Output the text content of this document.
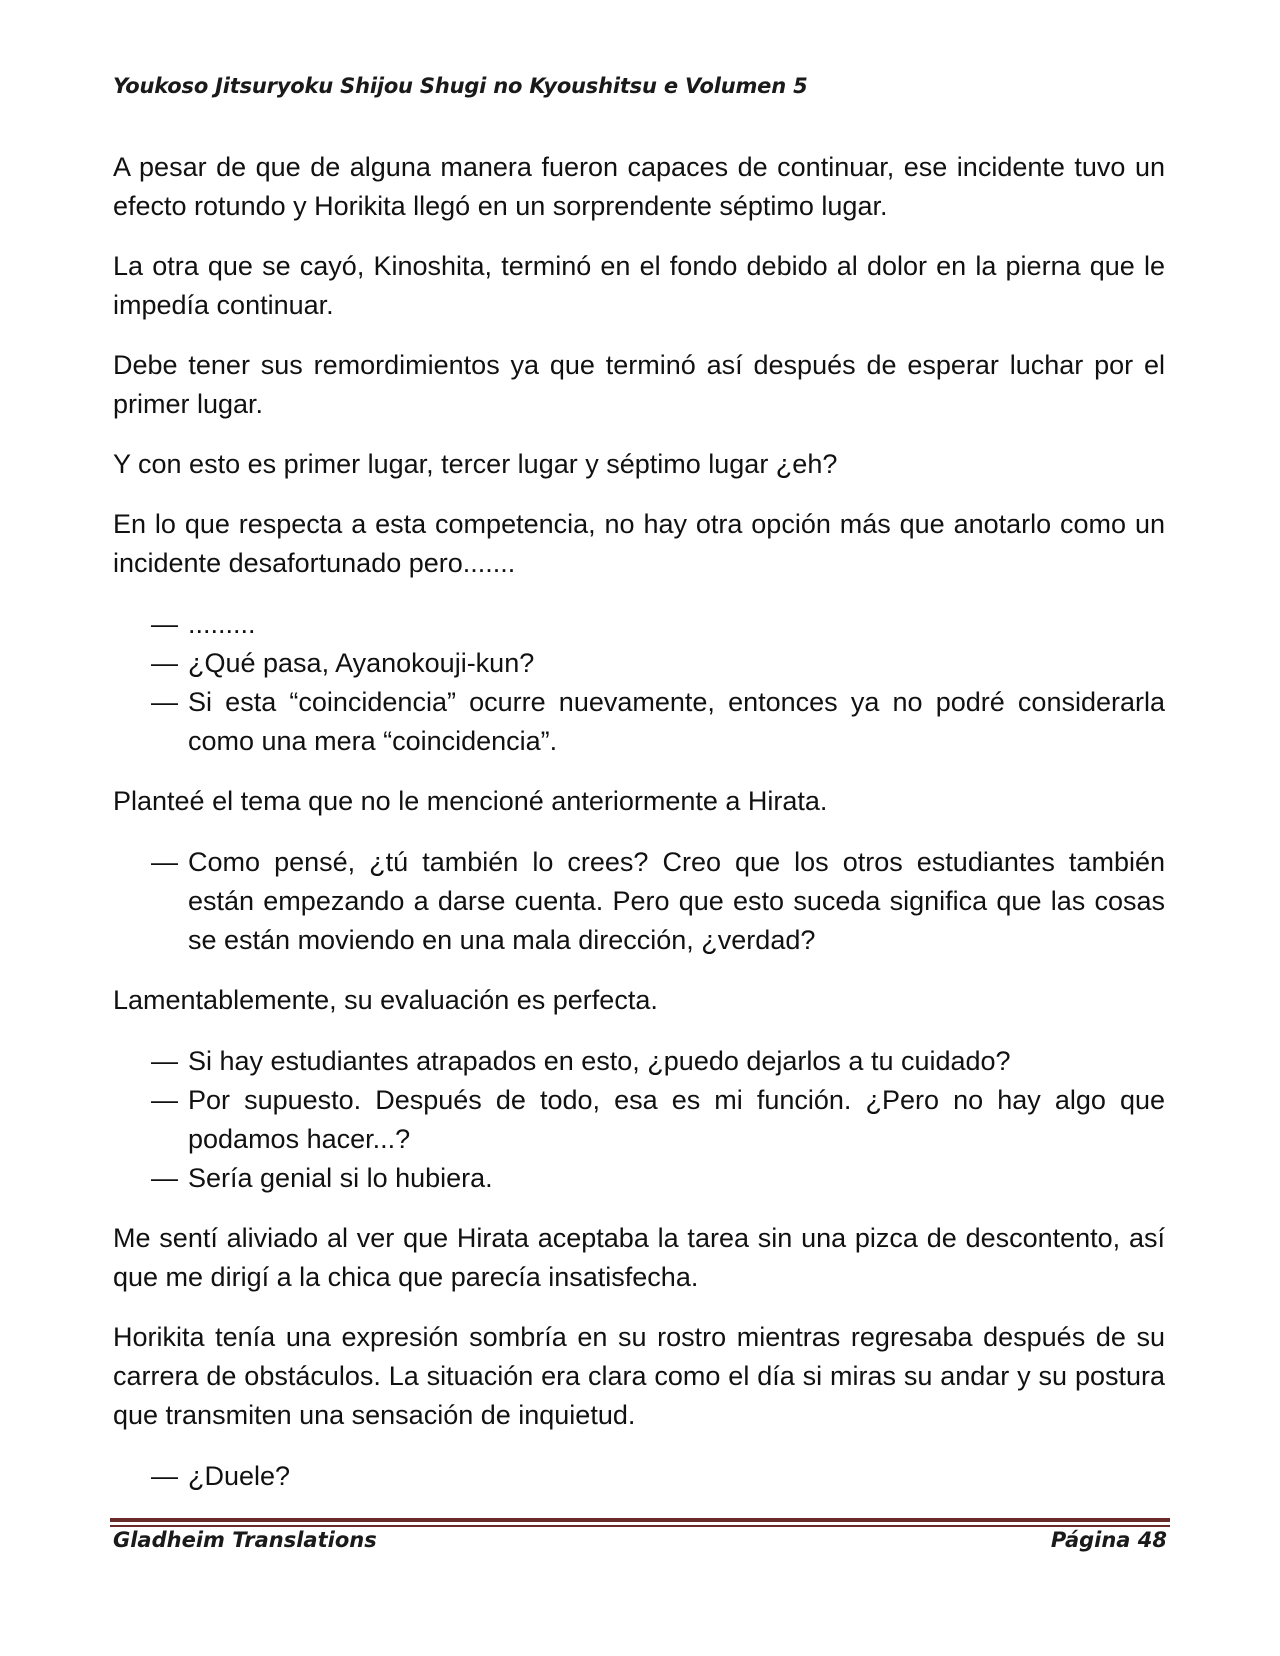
Youkoso Jitsuryoku Shijou Shugi no Kyoushitsu e Volumen 5

A pesar de que de alguna manera fueron capaces de continuar, ese incidente tuvo un efecto rotundo y Horikita llegó en un sorprendente séptimo lugar.

La otra que se cayó, Kinoshita, terminó en el fondo debido al dolor en la pierna que le impedía continuar.

Debe tener sus remordimientos ya que terminó así después de esperar luchar por el primer lugar.

Y con esto es primer lugar, tercer lugar y séptimo lugar ¿eh?

En lo que respecta a esta competencia, no hay otra opción más que anotarlo como un incidente desafortunado pero.......

— .........
— ¿Qué pasa, Ayanokouji-kun?
— Si esta “coincidencia” ocurre nuevamente, entonces ya no podré considerarla como una mera “coincidencia”.

Planteé el tema que no le mencioné anteriormente a Hirata.

— Como pensé, ¿tú también lo crees? Creo que los otros estudiantes también están empezando a darse cuenta. Pero que esto suceda significa que las cosas se están moviendo en una mala dirección, ¿verdad?

Lamentablemente, su evaluación es perfecta.

— Si hay estudiantes atrapados en esto, ¿puedo dejarlos a tu cuidado?
— Por supuesto. Después de todo, esa es mi función. ¿Pero no hay algo que podamos hacer...?
— Sería genial si lo hubiera.

Me sentí aliviado al ver que Hirata aceptaba la tarea sin una pizca de descontento, así que me dirigí a la chica que parecía insatisfecha.

Horikita tenía una expresión sombría en su rostro mientras regresaba después de su carrera de obstáculos. La situación era clara como el día si miras su andar y su postura que transmiten una sensación de inquietud.

— ¿Duele?
Gladheim Translations	Página 48
